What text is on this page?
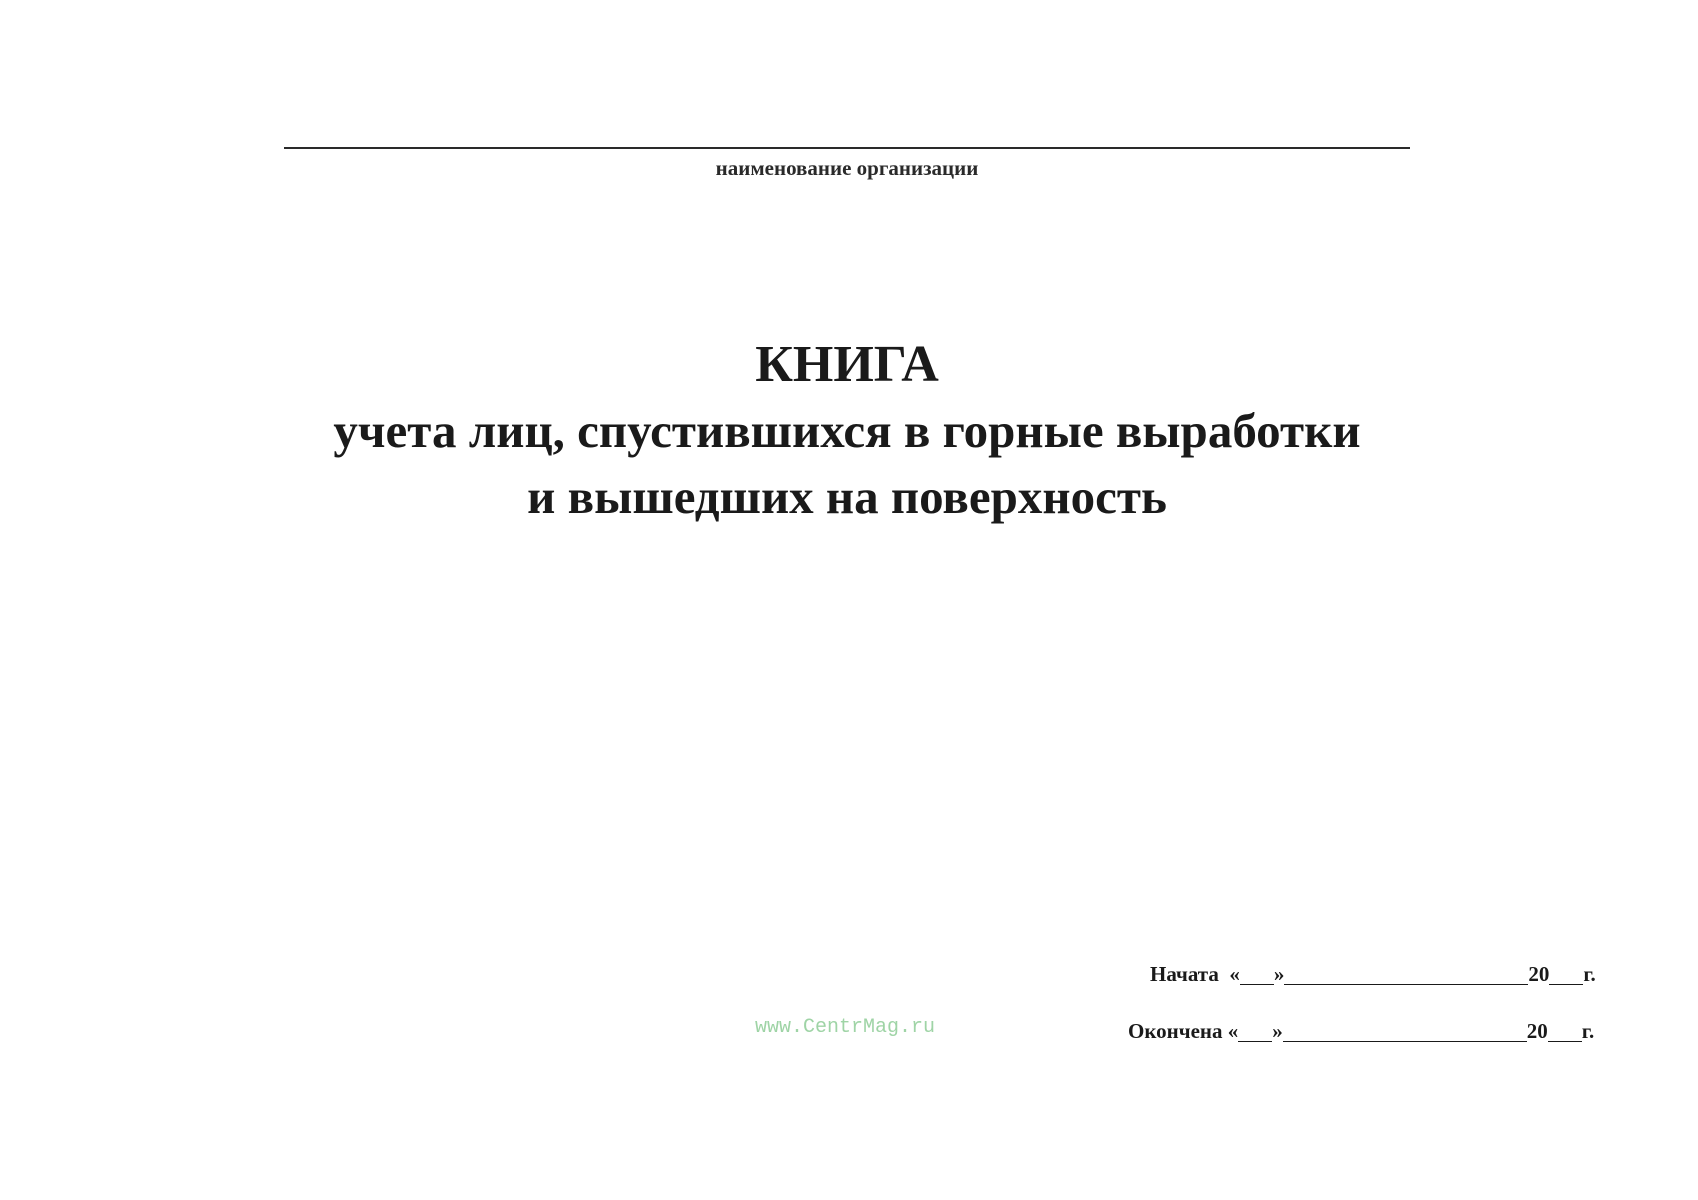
наименование организации
КНИГА
учета лиц, спустившихся в горные выработки
и вышедших на поверхность
www.CentrMag.ru
Начата
« »	20 г.
Окончена
« »	20 г.
